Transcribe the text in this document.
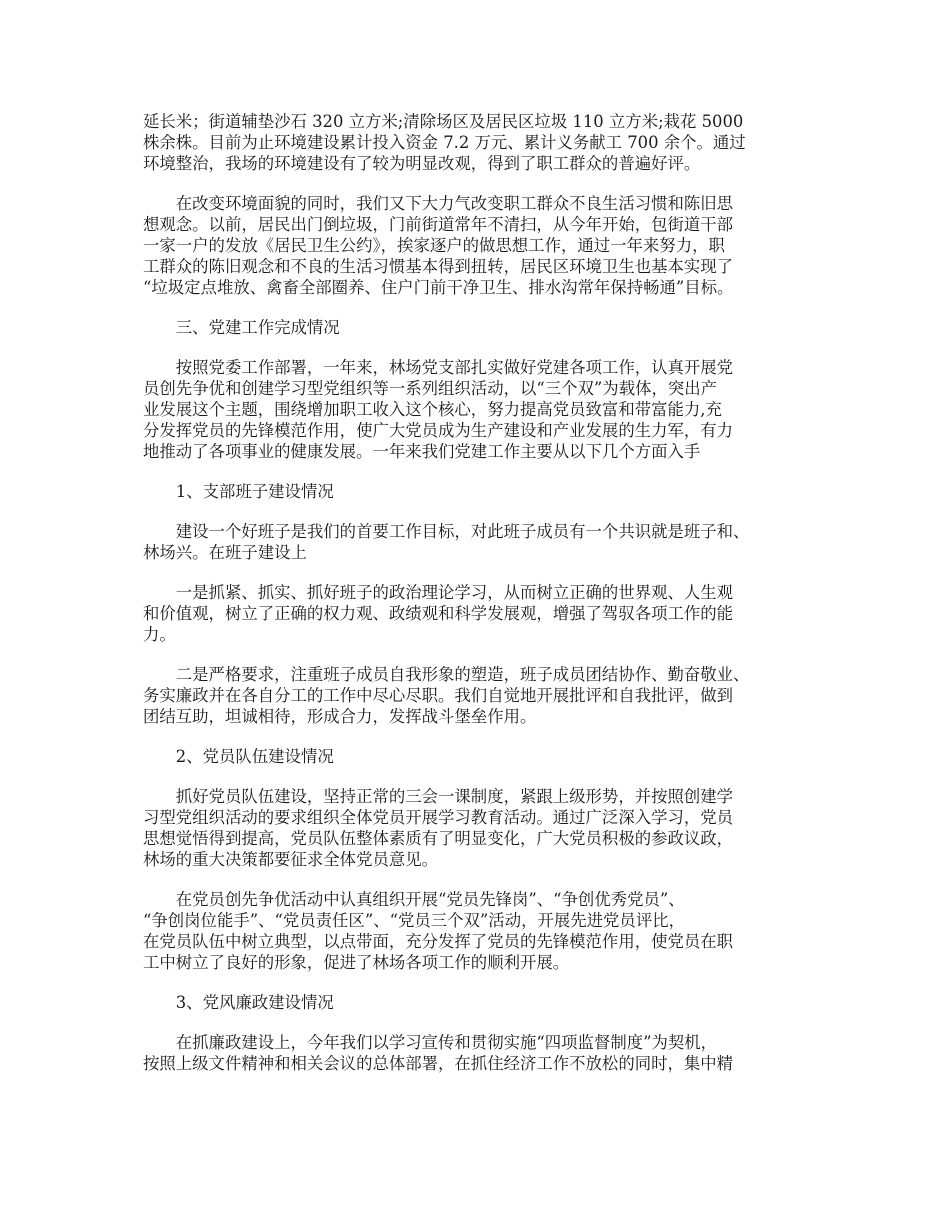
延长米；街道辅垫沙石 320 立方米;清除场区及居民区垃圾 110 立方米;栽花 5000
株余株。目前为止环境建设累计投入资金 7.2 万元、累计义务献工 700 余个。通过
环境整治，我场的环境建设有了较为明显改观，得到了职工群众的普遍好评。
　　在改变环境面貌的同时，我们又下大力气改变职工群众不良生活习惯和陈旧思
想观念。以前，居民出门倒垃圾，门前街道常年不清扫，从今年开始，包街道干部
一家一户的发放《居民卫生公约》，挨家逐户的做思想工作，通过一年来努力，职
工群众的陈旧观念和不良的生活习惯基本得到扭转，居民区环境卫生也基本实现了
“垃圾定点堆放、禽畜全部圈养、住户门前干净卫生、排水沟常年保持畅通”目标。
　　三、党建工作完成情况
　　按照党委工作部署，一年来，林场党支部扎实做好党建各项工作，认真开展党
员创先争优和创建学习型党组织等一系列组织活动，以“三个双”为载体，突出产
业发展这个主题，围绕增加职工收入这个核心，努力提高党员致富和带富能力,充
分发挥党员的先锋模范作用，使广大党员成为生产建设和产业发展的生力军，有力
地推动了各项事业的健康发展。一年来我们党建工作主要从以下几个方面入手
　　1、支部班子建设情况
　　建设一个好班子是我们的首要工作目标，对此班子成员有一个共识就是班子和、
林场兴。在班子建设上
　　一是抓紧、抓实、抓好班子的政治理论学习，从而树立正确的世界观、人生观
和价值观，树立了正确的权力观、政绩观和科学发展观，增强了驾驭各项工作的能
力。
　　二是严格要求，注重班子成员自我形象的塑造，班子成员团结协作、勤奋敬业、
务实廉政并在各自分工的工作中尽心尽职。我们自觉地开展批评和自我批评，做到
团结互助，坦诚相待，形成合力，发挥战斗堡垒作用。
　　2、党员队伍建设情况
　　抓好党员队伍建设，坚持正常的三会一课制度，紧跟上级形势，并按照创建学
习型党组织活动的要求组织全体党员开展学习教育活动。通过广泛深入学习，党员
思想觉悟得到提高，党员队伍整体素质有了明显变化，广大党员积极的参政议政，
林场的重大决策都要征求全体党员意见。
　　在党员创先争优活动中认真组织开展“党员先锋岗”、“争创优秀党员”、
“争创岗位能手”、“党员责任区”、“党员三个双”活动，开展先进党员评比，
在党员队伍中树立典型，以点带面，充分发挥了党员的先锋模范作用，使党员在职
工中树立了良好的形象，促进了林场各项工作的顺利开展。
　　3、党风廉政建设情况
　　在抓廉政建设上，今年我们以学习宣传和贯彻实施“四项监督制度”为契机，
按照上级文件精神和相关会议的总体部署，在抓住经济工作不放松的同时，集中精
